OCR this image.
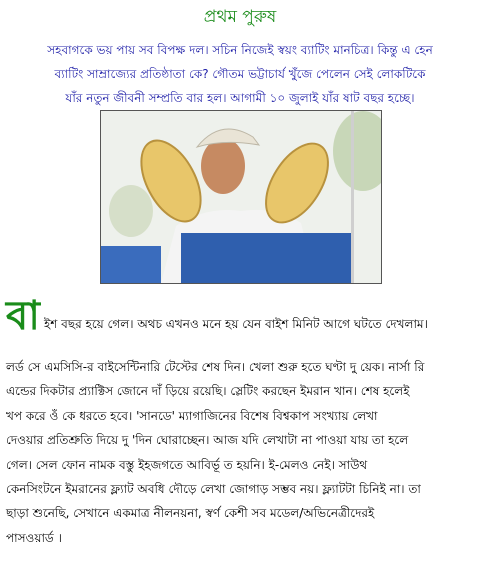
প্রথম পুরুষ
সহবাগকে ভয় পায় সব বিপক্ষ দল। সচিন নিজেই স্বয়ং ব্যাটিং মানচিত্র। কিন্তু এ হেন
ব্যাটিং সাম্রাজ্যের প্রতিষ্ঠাতা কে? গৌতম ভট্টাচার্য খুঁজে পেলেন সেই লোকটিকে
যাঁর নতুন জীবনী সম্প্রতি বার হল। আগামী ১০ জুলাই যাঁর ষাট বছর হচ্ছে।
বা ইশ বছর হয়ে গেল। অথচ এখনও মনে হয় যেন বাইশ মিনিট আগে ঘটতে দেখলাম।
লর্ড সে এমসিসি-র বাইসেন্টিনারি টেস্টের শেষ দিন। খেলা শুরু হতে ঘণ্টা দু য়েক। নার্সা রি
এন্ডের দিকটার প্র্যাক্টিস জোনে দাঁ ড়িয়ে রয়েছি। স্লেটিং করছেন ইমরান খান। শেষ হলেই
খপ করে ওঁ কে ধরতে হবে। 'সানডে' ম্যাগাজিনের বিশেষ বিশ্বকাপ সংখ্যায় লেখা
দেওয়ার প্রতিশ্রুতি দিয়ে দু 'দিন ঘোরাচ্ছেন। আজ যদি লেখাটা না পাওয়া যায় তা হলে
গেল। সেল ফোন নামক বস্তু ইহজগতে আবির্ভূ ত হয়নি। ই-মেলও নেই। সাউথ
কেনসিংটনে ইমরানের ফ্ল্যাট অবধি দৌড়ে লেখা জোগাড় সম্ভব নয়। ফ্ল্যাটটা চিনিই না। তা
ছাড়া শুনেছি, সেখানে একমাত্র নীলনয়না, স্বর্ণ কেশী সব মডেল/অভিনেত্রীদেরই
পাসওয়ার্ড ।
